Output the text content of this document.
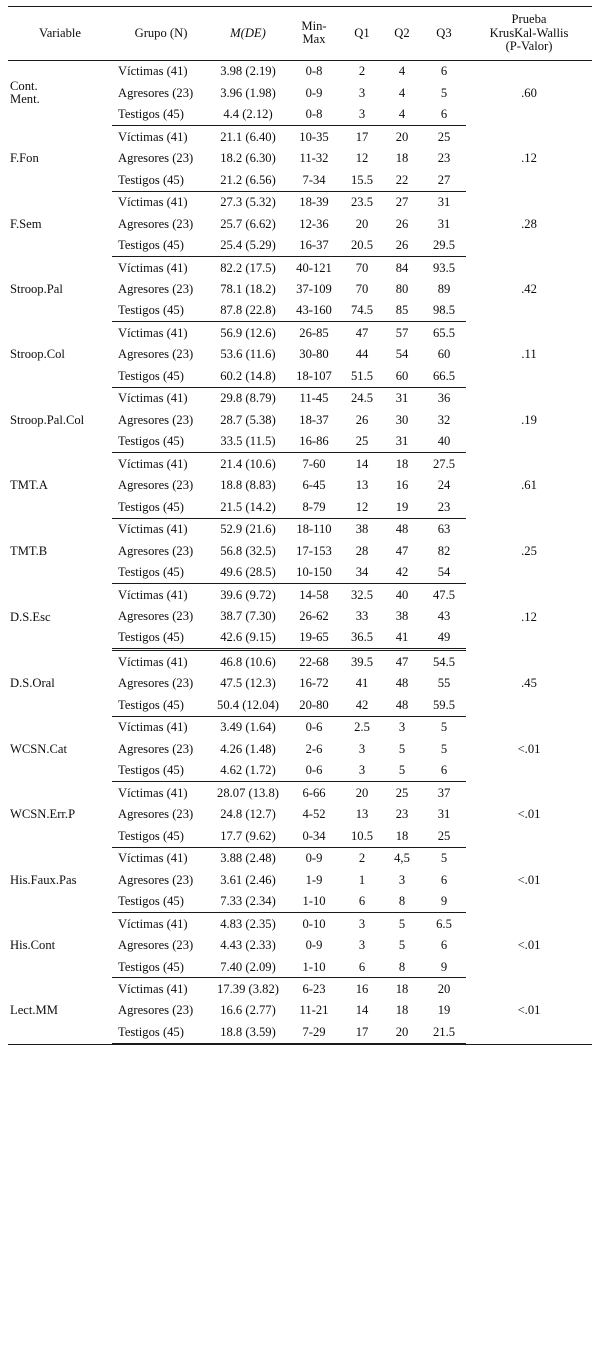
Variable	Grupo (N)	M(DE)	Min-
Max	Q1	Q2	Q3	Prueba
KrusKal-Wallis
(P-Valor)

Cont.
Ment.	Víctimas (41)	3.98 (2.19)	0-8	2	4	6	.60
	Agresores (23)	3.96 (1.98)	0-9	3	4	5	
	Testigos (45)	4.4 (2.12)	0-8	3	4	6	
F.Fon	Víctimas (41)	21.1 (6.40)	10-35	17	20	25	.12
	Agresores (23)	18.2 (6.30)	11-32	12	18	23	
	Testigos (45)	21.2 (6.56)	7-34	15.5	22	27	
F.Sem	Víctimas (41)	27.3 (5.32)	18-39	23.5	27	31	.28
	Agresores (23)	25.7 (6.62)	12-36	20	26	31	
	Testigos (45)	25.4 (5.29)	16-37	20.5	26	29.5	
Stroop.Pal	Víctimas (41)	82.2 (17.5)	40-121	70	84	93.5	.42
	Agresores (23)	78.1 (18.2)	37-109	70	80	89	
	Testigos (45)	87.8 (22.8)	43-160	74.5	85	98.5	
Stroop.Col	Víctimas (41)	56.9 (12.6)	26-85	47	57	65.5	.11
	Agresores (23)	53.6 (11.6)	30-80	44	54	60	
	Testigos (45)	60.2 (14.8)	18-107	51.5	60	66.5	
Stroop.Pal.Col	Víctimas (41)	29.8 (8.79)	11-45	24.5	31	36	.19
	Agresores (23)	28.7 (5.38)	18-37	26	30	32	
	Testigos (45)	33.5 (11.5)	16-86	25	31	40	
TMT.A	Víctimas (41)	21.4 (10.6)	7-60	14	18	27.5	.61
	Agresores (23)	18.8 (8.83)	6-45	13	16	24	
	Testigos (45)	21.5 (14.2)	8-79	12	19	23	
TMT.B	Víctimas (41)	52.9 (21.6)	18-110	38	48	63	.25
	Agresores (23)	56.8 (32.5)	17-153	28	47	82	
	Testigos (45)	49.6 (28.5)	10-150	34	42	54	
D.S.Esc	Víctimas (41)	39.6 (9.72)	14-58	32.5	40	47.5	.12
	Agresores (23)	38.7 (7.30)	26-62	33	38	43	
	Testigos (45)	42.6 (9.15)	19-65	36.5	41	49	
D.S.Oral	Víctimas (41)	46.8 (10.6)	22-68	39.5	47	54.5	.45
	Agresores (23)	47.5 (12.3)	16-72	41	48	55	
	Testigos (45)	50.4 (12.04)	20-80	42	48	59.5	
WCSN.Cat	Víctimas (41)	3.49 (1.64)	0-6	2.5	3	5	<.01
	Agresores (23)	4.26 (1.48)	2-6	3	5	5	
	Testigos (45)	4.62 (1.72)	0-6	3	5	6	
WCSN.Err.P	Víctimas (41)	28.07 (13.8)	6-66	20	25	37	<.01
	Agresores (23)	24.8 (12.7)	4-52	13	23	31	
	Testigos (45)	17.7 (9.62)	0-34	10.5	18	25	
His.Faux.Pas	Víctimas (41)	3.88 (2.48)	0-9	2	4,5	5	<.01
	Agresores (23)	3.61 (2.46)	1-9	1	3	6	
	Testigos (45)	7.33 (2.34)	1-10	6	8	9	
His.Cont	Víctimas (41)	4.83 (2.35)	0-10	3	5	6.5	<.01
	Agresores (23)	4.43 (2.33)	0-9	3	5	6	
	Testigos (45)	7.40 (2.09)	1-10	6	8	9	
Lect.MM	Víctimas (41)	17.39 (3.82)	6-23	16	18	20	<.01
	Agresores (23)	16.6 (2.77)	11-21	14	18	19	
	Testigos (45)	18.8 (3.59)	7-29	17	20	21.5	
